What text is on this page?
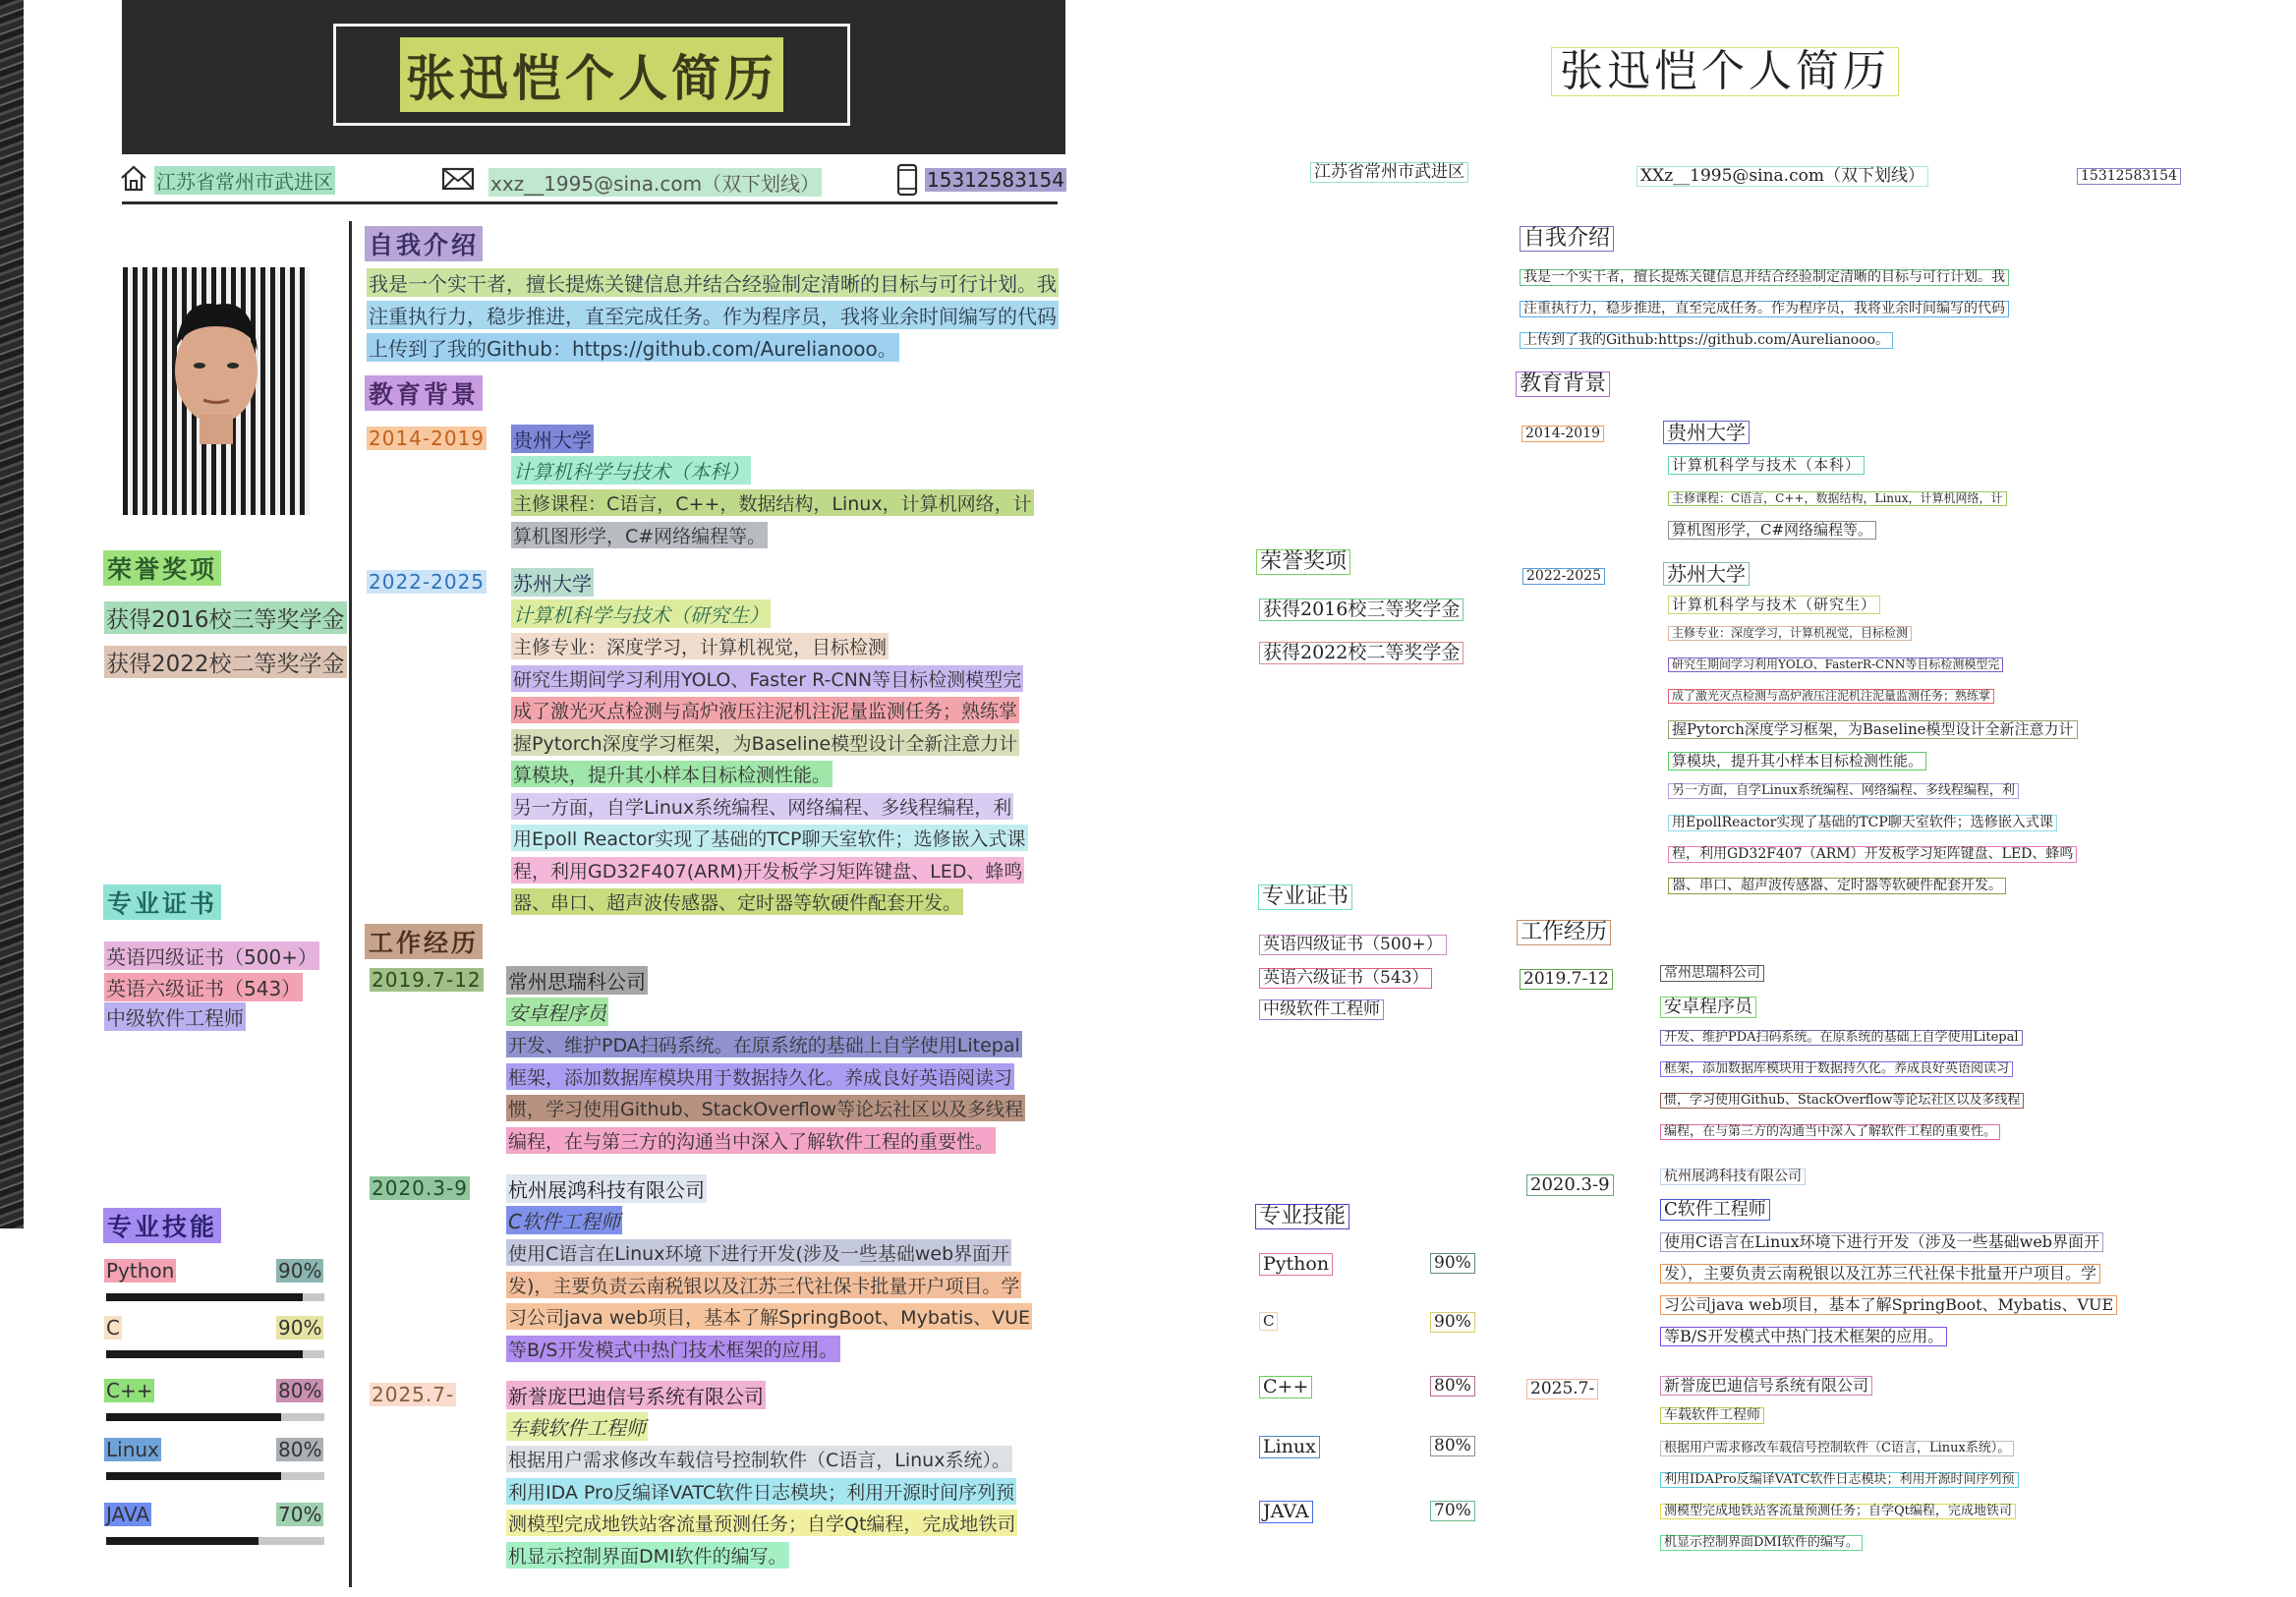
张迅恺个人简历
江苏省常州市武进区	xxz__1995@sina.com（双下划线）	15312583154
荣誉奖项
获得2016校三等奖学金
获得2022校二等奖学金
专业证书
英语四级证书（500+）
英语六级证书（543）
中级软件工程师
专业技能
Python	90%
C	90%
C++	80%
Linux	80%
JAVA	70%
自我介绍
我是一个实干者，擅长提炼关键信息并结合经验制定清晰的目标与可行计划。我
注重执行力，稳步推进，直至完成任务。作为程序员，我将业余时间编写的代码
上传到了我的Github：https://github.com/Aurelianooo。
教育背景
2014-2019 贵州大学
计算机科学与技术（本科）
主修课程：C语言，C++，数据结构，Linux，计算机网络，计
算机图形学，C#网络编程等。
2022-2025 苏州大学
计算机科学与技术（研究生）
主修专业：深度学习，计算机视觉，目标检测
研究生期间学习利用YOLO、Faster R-CNN等目标检测模型完
成了激光灭点检测与高炉液压注泥机注泥量监测任务；熟练掌
握Pytorch深度学习框架，为Baseline模型设计全新注意力计
算模块，提升其小样本目标检测性能。
另一方面，自学Linux系统编程、网络编程、多线程编程，利
用Epoll Reactor实现了基础的TCP聊天室软件；选修嵌入式课
程，利用GD32F407(ARM)开发板学习矩阵键盘、LED、蜂鸣
器、串口、超声波传感器、定时器等软硬件配套开发。
工作经历
2019.7-12 常州思瑞科公司
安卓程序员
开发、维护PDA扫码系统。在原系统的基础上自学使用Litepal
框架，添加数据库模块用于数据持久化。养成良好英语阅读习
惯，学习使用Github、StackOverflow等论坛社区以及多线程
编程，在与第三方的沟通当中深入了解软件工程的重要性。
2020.3-9 杭州展鸿科技有限公司
C软件工程师
使用C语言在Linux环境下进行开发(涉及一些基础web界面开
发)，主要负责云南税银以及江苏三代社保卡批量开户项目。学
习公司java web项目，基本了解SpringBoot、Mybatis、VUE
等B/S开发模式中热门技术框架的应用。
2025.7-	新誉庞巴迪信号系统有限公司
车载软件工程师
根据用户需求修改车载信号控制软件（C语言，Linux系统）。
利用IDA Pro反编译VATC软件日志模块；利用开源时间序列预
测模型完成地铁站客流量预测任务；自学Qt编程，完成地铁司
机显示控制界面DMI软件的编写。
张迅恺个人简历
江苏省常州市武进区	XXz__1995@sina.com（双下划线）	15312583154
自我介绍
我是一个实干者，擅长提炼关键信息并结合经验制定清晰的目标与可行计划。我
注重执行力，稳步推进，直至完成任务。作为程序员，我将业余时间编写的代码
上传到了我的Github:https://github.com/Aurelianooo。
教育背景
2014-2019	贵州大学
计算机科学与技术（本科）
主修课程：C语言，C++，数据结构，Linux，计算机网络，计
算机图形学，C#网络编程等。
荣誉奖项
获得2016校三等奖学金
获得2022校二等奖学金
2022-2025	苏州大学
计算机科学与技术（研究生）
主修专业：深度学习，计算机视觉，目标检测
研究生期间学习利用YOLO、FasterR-CNN等目标检测模型完
成了激光灭点检测与高炉液压注泥机注泥量监测任务；熟练掌
握Pytorch深度学习框架，为Baseline模型设计全新注意力计
算模块，提升其小样本目标检测性能。
另一方面，自学Linux系统编程、网络编程、多线程编程，利
用EpollReactor实现了基础的TCP聊天室软件；选修嵌入式课
程，利用GD32F407（ARM）开发板学习矩阵键盘、LED、蜂鸣
器、串口、超声波传感器、定时器等软硬件配套开发。
专业证书
英语四级证书（500+）
英语六级证书（543）
中级软件工程师
工作经历
2019.7-12	常州思瑞科公司
安卓程序员
开发、维护PDA扫码系统。在原系统的基础上自学使用Litepal
框架，添加数据库模块用于数据持久化。养成良好英语阅读习
惯，学习使用Github、StackOverflow等论坛社区以及多线程
编程，在与第三方的沟通当中深入了解软件工程的重要性。
2020.3-9	杭州展鸿科技有限公司
C软件工程师
使用C语言在Linux环境下进行开发（涉及一些基础web界面开
发），主要负责云南税银以及江苏三代社保卡批量开户项目。学
习公司java web项目，基本了解SpringBoot、Mybatis、VUE
等B/S开发模式中热门技术框架的应用。
专业技能
Python	90%
C	90%
C++	80%
Linux	80%
JAVA	70%
2025.7-	新誉庞巴迪信号系统有限公司
车载软件工程师
根据用户需求修改车载信号控制软件（C语言，Linux系统）。
利用IDAPro反编译VATC软件日志模块；利用开源时间序列预
测模型完成地铁站客流量预测任务；自学Qt编程，完成地铁司
机显示控制界面DMI软件的编写。
